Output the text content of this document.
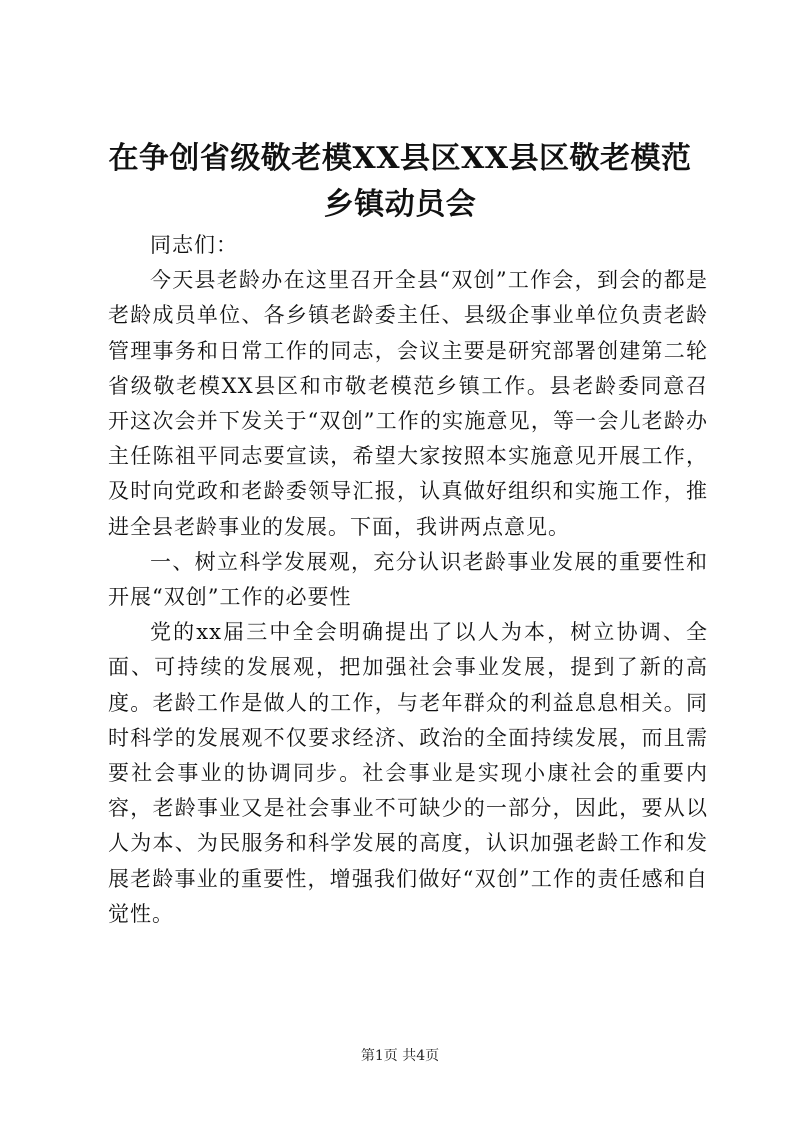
在争创省级敬老模XX县区XX县区敬老模范乡镇动员会

同志们：

今天县老龄办在这里召开全县“双创”工作会，到会的都是老龄成员单位、各乡镇老龄委主任、县级企事业单位负责老龄管理事务和日常工作的同志，会议主要是研究部署创建第二轮省级敬老模XX县区和市敬老模范乡镇工作。县老龄委同意召开这次会并下发关于“双创”工作的实施意见，等一会儿老龄办主任陈祖平同志要宣读，希望大家按照本实施意见开展工作，及时向党政和老龄委领导汇报，认真做好组织和实施工作，推进全县老龄事业的发展。下面，我讲两点意见。

一、树立科学发展观，充分认识老龄事业发展的重要性和开展“双创”工作的必要性

党的xx届三中全会明确提出了以人为本，树立协调、全面、可持续的发展观，把加强社会事业发展，提到了新的高度。老龄工作是做人的工作，与老年群众的利益息息相关。同时科学的发展观不仅要求经济、政治的全面持续发展，而且需要社会事业的协调同步。社会事业是实现小康社会的重要内容，老龄事业又是社会事业不可缺少的一部分，因此，要从以人为本、为民服务和科学发展的高度，认识加强老龄工作和发展老龄事业的重要性，增强我们做好“双创”工作的责任感和自觉性。

第1页 共4页
